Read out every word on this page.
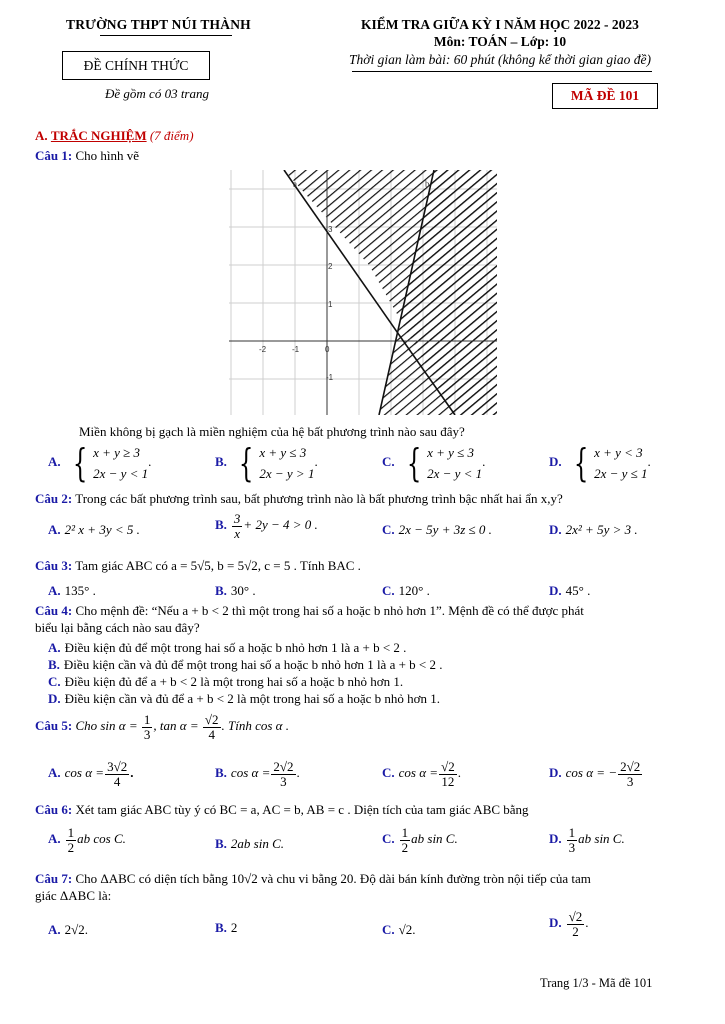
TRƯỜNG THPT NÚI THÀNH
ĐỀ CHÍNH THỨC
Đề gồm có 03 trang
KIỂM TRA GIỮA KỲ I NĂM HỌC 2022 - 2023
Môn: TOÁN – Lớp: 10
Thời gian làm bài: 60 phút (không kể thời gian giao đề)
MÃ ĐỀ 101
A. TRẮC NGHIỆM (7 điểm)
Câu 1: Cho hình vẽ
a	b
-2	-1	0
3
2
1
-1
Miền không bị gạch là miền nghiệm của hệ bất phương trình nào sau đây?
A. { x + y ≥ 3
2x − y < 1
.	B. { x + y ≤ 3
2x − y > 1
.	C. { x + y ≤ 3
2x − y < 1
.	D. { x + y < 3
2x − y ≤ 1
.
Câu 2: Trong các bất phương trình sau, bất phương trình nào là bất phương trình bậc nhất hai ẩn x,y?
A. 2² x + 3y < 5 .	B. $\frac{3}{x} + 2y - 4 > 0$ .	C. 2x − 5y + 3z ≤ 0 .	D. 2x² + 5y > 3 .
Câu 3: Tam giác ABC có a = 5√5, b = 5√2, c = 5 . Tính BAC .
A. 135° .	B. 30° .	C. 120° .	D. 45° .
Câu 4: Cho mệnh đề: “Nếu a + b < 2 thì một trong hai số a hoặc b nhỏ hơn 1”. Mệnh đề có thể được phát
biểu lại bằng cách nào sau đây?
A. Điều kiện đủ để một trong hai số a hoặc b nhỏ hơn 1 là a + b < 2 .
B. Điều kiện cần và đủ để một trong hai số a hoặc b nhỏ hơn 1 là a + b < 2 .
C. Điều kiện đủ để a + b < 2 là một trong hai số a hoặc b nhỏ hơn 1.
D. Điều kiện cần và đủ để a + b < 2 là một trong hai số a hoặc b nhỏ hơn 1.
Câu 5: Cho $\sin \alpha = \frac{1}{3}$ , $\tan \alpha = \frac{√2}{4}$ . Tính cos α .
A. $\cos \alpha = \frac{3√2}{4}$ .	B. $\cos \alpha = \frac{2√2}{3}$ .	C. $\cos \alpha = \frac{√2}{12}$ .	D. cos α = − $\frac{2√2}{3}$
Câu 6: Xét tam giác ABC tùy ý có BC = a, AC = b, AB = c . Diện tích của tam giác ABC bằng
A. $\frac{1}{2}$ ab cos C.	B. 2ab sin C.	C. $\frac{1}{2}$ ab sin C.	D. $\frac{1}{3}$ ab sin C.
Câu 7: Cho ΔABC có diện tích bằng 10√2 và chu vi bằng 20. Độ dài bán kính đường tròn nội tiếp của tam
giác ΔABC là:
A. 2√2.	B. 2	C. √2.	D. $\frac{√2}{2}$ .
Trang 1/3 - Mã đề 101
